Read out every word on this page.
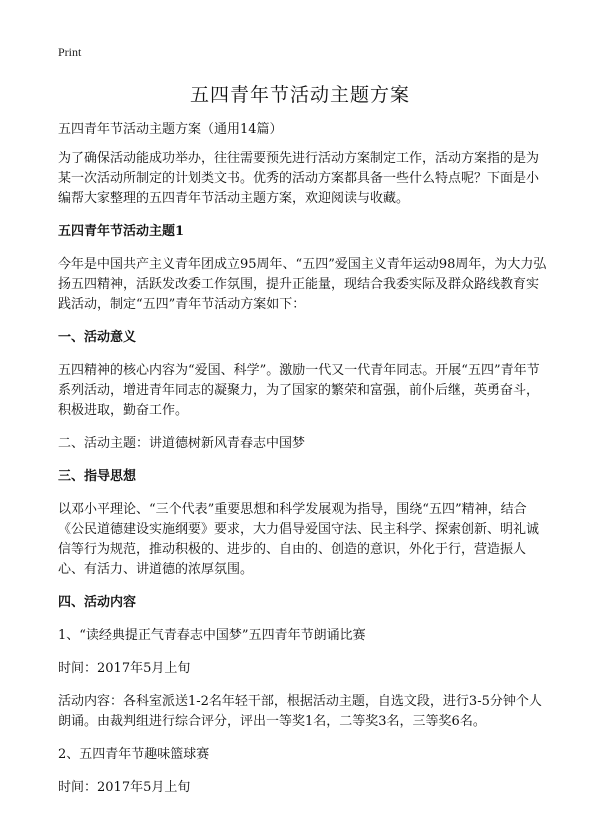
Print
五四青年节活动主题方案

五四青年节活动主题方案（通用14篇）

为了确保活动能成功举办，往往需要预先进行活动方案制定工作，活动方案指的是为某一次活动所制定的计划类文书。优秀的活动方案都具备一些什么特点呢？下面是小编帮大家整理的五四青年节活动主题方案，欢迎阅读与收藏。

五四青年节活动主题1

今年是中国共产主义青年团成立95周年、“五四”爱国主义青年运动98周年，为大力弘扬五四精神，活跃发改委工作氛围，提升正能量，现结合我委实际及群众路线教育实践活动，制定“五四”青年节活动方案如下：

一、活动意义

五四精神的核心内容为“爱国、科学”。激励一代又一代青年同志。开展“五四”青年节系列活动，增进青年同志的凝聚力，为了国家的繁荣和富强，前仆后继，英勇奋斗，积极进取，勤奋工作。

二、活动主题：讲道德树新风青春志中国梦

三、指导思想

以邓小平理论、“三个代表”重要思想和科学发展观为指导，围绕“五四”精神，结合《公民道德建设实施纲要》要求，大力倡导爱国守法、民主科学、探索创新、明礼诚信等行为规范，推动积极的、进步的、自由的、创造的意识，外化于行，营造振人心、有活力、讲道德的浓厚氛围。

四、活动内容

1、“读经典提正气青春志中国梦”五四青年节朗诵比赛

时间：2017年5月上旬

活动内容：各科室派送1-2名年轻干部，根据活动主题，自选文段，进行3-5分钟个人朗诵。由裁判组进行综合评分，评出一等奖1名，二等奖3名，三等奖6名。

2、五四青年节趣味篮球赛

时间：2017年5月上旬
